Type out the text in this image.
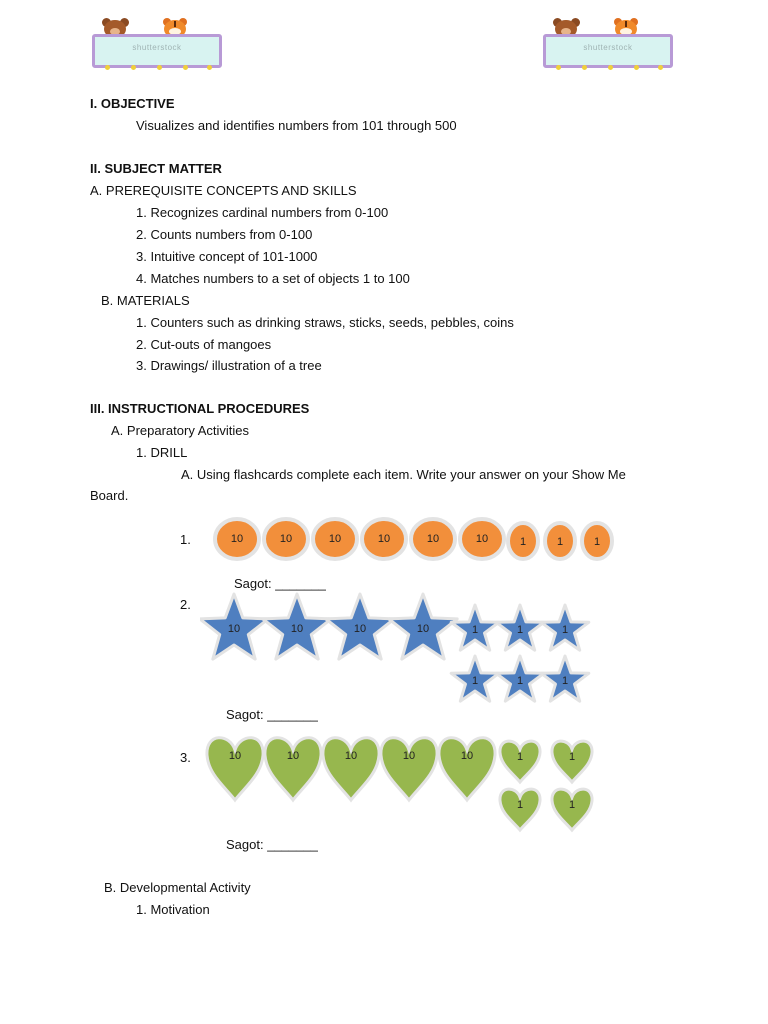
shutterstock	shutterstock
I. OBJECTIVE
Visualizes and identifies numbers from 101 through 500
II. SUBJECT MATTER
A. PREREQUISITE CONCEPTS AND SKILLS
1. Recognizes cardinal numbers from 0-100
2. Counts numbers from 0-100
3. Intuitive concept of 101-1000
4. Matches numbers to a set of objects 1 to 100
B. MATERIALS
1. Counters such as drinking straws, sticks, seeds, pebbles, coins
2. Cut-outs of mangoes
3. Drawings/ illustration of a tree
III. INSTRUCTIONAL PROCEDURES
A. Preparatory Activities
1. DRILL
A. Using flashcards complete each item. Write your answer on your Show Me
Board.
1.	10	10	10	10	10	10	1	1	1
Sagot: _______
2.
10	10	10	10	1	1	1
1	1	1
Sagot: _______
3.	10	10	10	10	10	1	1
1	1
Sagot: _______
B. Developmental Activity
1. Motivation
